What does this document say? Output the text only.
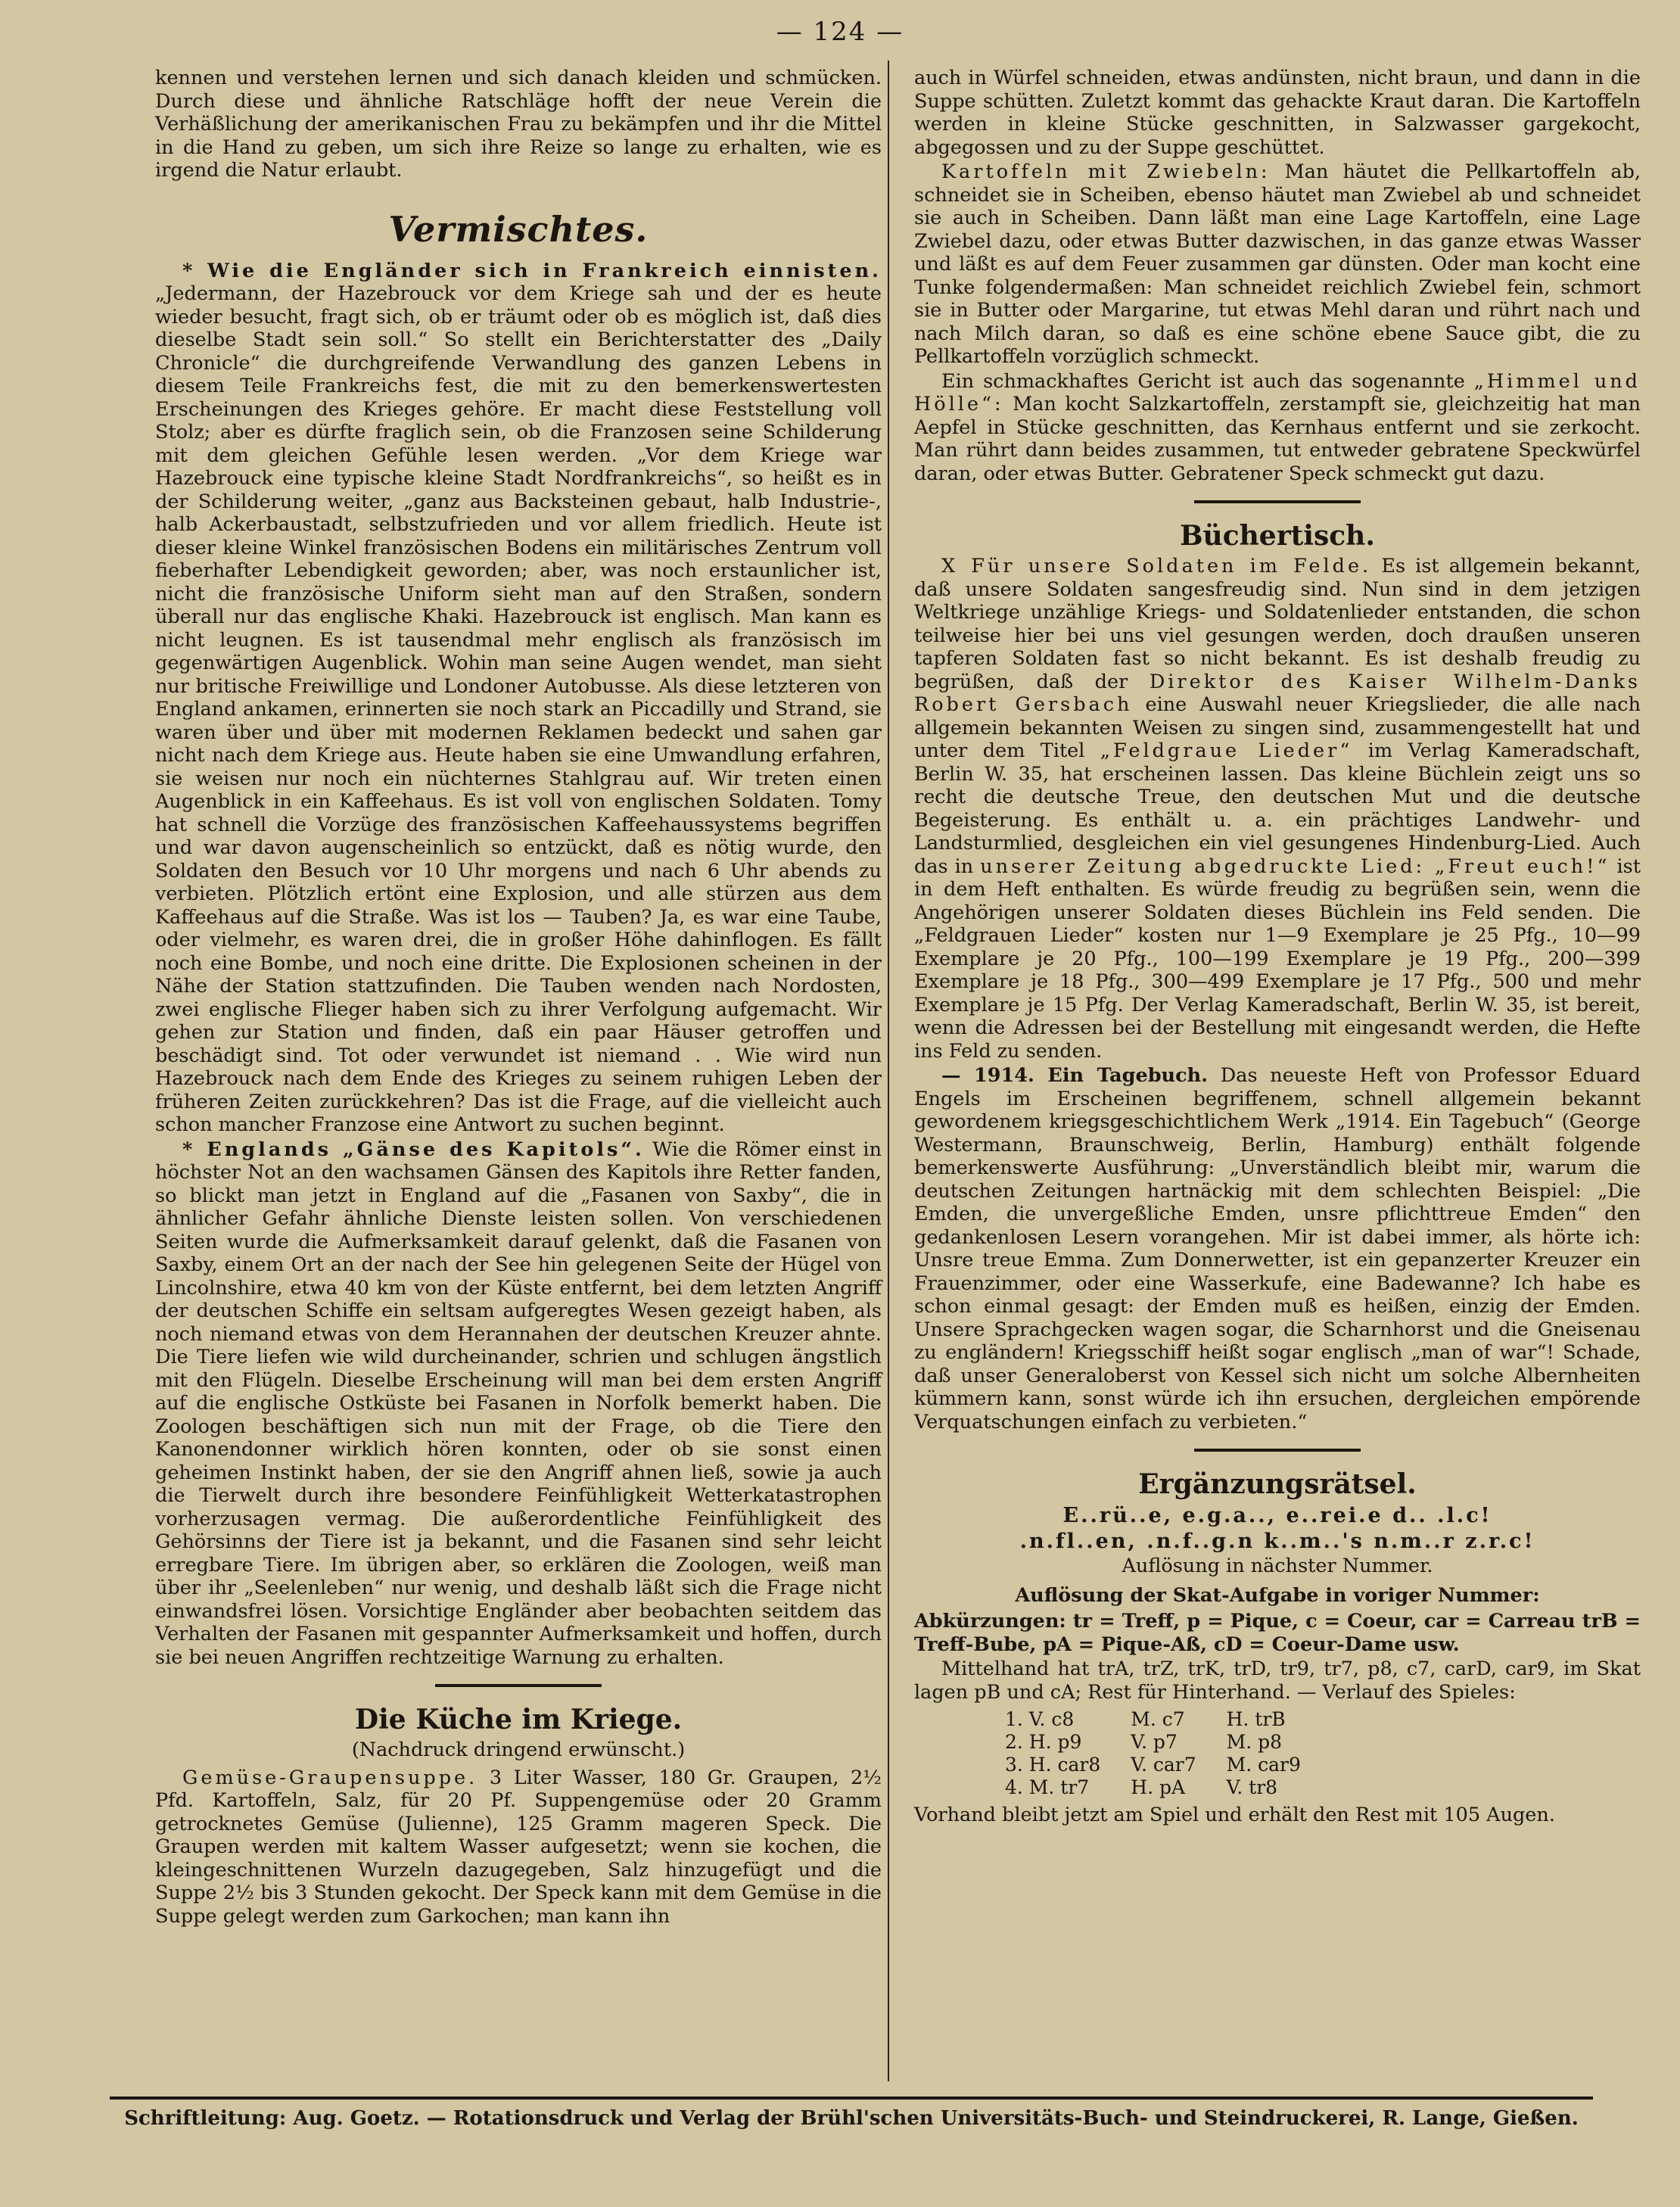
— 124 —

kennen und verstehen lernen und sich danach kleiden und schmücken. Durch diese und ähnliche Ratschläge hofft der neue Verein die Verhäßlichung der amerikanischen Frau zu bekämpfen und ihr die Mittel in die Hand zu geben, um sich ihre Reize so lange zu erhalten, wie es irgend die Natur erlaubt.

Vermischtes.

* Wie die Engländer sich in Frankreich einnisten. „Jedermann, der Hazebrouck vor dem Kriege sah und der es heute wieder besucht, fragt sich, ob er träumt oder ob es möglich ist, daß dies dieselbe Stadt sein soll.“ So stellt ein Berichterstatter des „Daily Chronicle“ die durchgreifende Verwandlung des ganzen Lebens in diesem Teile Frankreichs fest, die mit zu den bemerkenswertesten Erscheinungen des Krieges gehöre. Er macht diese Feststellung voll Stolz; aber es dürfte fraglich sein, ob die Franzosen seine Schilderung mit dem gleichen Gefühle lesen werden. „Vor dem Kriege war Hazebrouck eine typische kleine Stadt Nordfrankreichs“, so heißt es in der Schilderung weiter, „ganz aus Backsteinen gebaut, halb Industrie-, halb Ackerbaustadt, selbstzufrieden und vor allem friedlich. Heute ist dieser kleine Winkel französischen Bodens ein militärisches Zentrum voll fieberhafter Lebendigkeit geworden; aber, was noch erstaunlicher ist, nicht die französische Uniform sieht man auf den Straßen, sondern überall nur das englische Khaki. Hazebrouck ist englisch. Man kann es nicht leugnen. Es ist tausendmal mehr englisch als französisch im gegenwärtigen Augenblick. Wohin man seine Augen wendet, man sieht nur britische Freiwillige und Londoner Autobusse. Als diese letzteren von England ankamen, erinnerten sie noch stark an Piccadilly und Strand, sie waren über und über mit modernen Reklamen bedeckt und sahen gar nicht nach dem Kriege aus. Heute haben sie eine Umwandlung erfahren, sie weisen nur noch ein nüchternes Stahlgrau auf. Wir treten einen Augenblick in ein Kaffeehaus. Es ist voll von englischen Soldaten. Tomy hat schnell die Vorzüge des französischen Kaffeehaussystems begriffen und war davon augenscheinlich so entzückt, daß es nötig wurde, den Soldaten den Besuch vor 10 Uhr morgens und nach 6 Uhr abends zu verbieten. Plötzlich ertönt eine Explosion, und alle stürzen aus dem Kaffeehaus auf die Straße. Was ist los — Tauben? Ja, es war eine Taube, oder vielmehr, es waren drei, die in großer Höhe dahinflogen. Es fällt noch eine Bombe, und noch eine dritte. Die Explosionen scheinen in der Nähe der Station stattzufinden. Die Tauben wenden nach Nordosten, zwei englische Flieger haben sich zu ihrer Verfolgung aufgemacht. Wir gehen zur Station und finden, daß ein paar Häuser getroffen und beschädigt sind. Tot oder verwundet ist niemand . . Wie wird nun Hazebrouck nach dem Ende des Krieges zu seinem ruhigen Leben der früheren Zeiten zurückkehren? Das ist die Frage, auf die vielleicht auch schon mancher Franzose eine Antwort zu suchen beginnt.

* Englands „Gänse des Kapitols“. Wie die Römer einst in höchster Not an den wachsamen Gänsen des Kapitols ihre Retter fanden, so blickt man jetzt in England auf die „Fasanen von Saxby“, die in ähnlicher Gefahr ähnliche Dienste leisten sollen. Von verschiedenen Seiten wurde die Aufmerksamkeit darauf gelenkt, daß die Fasanen von Saxby, einem Ort an der nach der See hin gelegenen Seite der Hügel von Lincolnshire, etwa 40 km von der Küste entfernt, bei dem letzten Angriff der deutschen Schiffe ein seltsam aufgeregtes Wesen gezeigt haben, als noch niemand etwas von dem Herannahen der deutschen Kreuzer ahnte. Die Tiere liefen wie wild durcheinander, schrien und schlugen ängstlich mit den Flügeln. Dieselbe Erscheinung will man bei dem ersten Angriff auf die englische Ostküste bei Fasanen in Norfolk bemerkt haben. Die Zoologen beschäftigen sich nun mit der Frage, ob die Tiere den Kanonendonner wirklich hören konnten, oder ob sie sonst einen geheimen Instinkt haben, der sie den Angriff ahnen ließ, sowie ja auch die Tierwelt durch ihre besondere Feinfühligkeit Wetterkatastrophen vorherzusagen vermag. Die außerordentliche Feinfühligkeit des Gehörsinns der Tiere ist ja bekannt, und die Fasanen sind sehr leicht erregbare Tiere. Im übrigen aber, so erklären die Zoologen, weiß man über ihr „Seelenleben“ nur wenig, und deshalb läßt sich die Frage nicht einwandsfrei lösen. Vorsichtige Engländer aber beobachten seitdem das Verhalten der Fasanen mit gespannter Aufmerksamkeit und hoffen, durch sie bei neuen Angriffen rechtzeitige Warnung zu erhalten.

Die Küche im Kriege.
(Nachdruck dringend erwünscht.)

Gemüse-Graupensuppe. 3 Liter Wasser, 180 Gr. Graupen, 2½ Pfd. Kartoffeln, Salz, für 20 Pf. Suppengemüse oder 20 Gramm getrocknetes Gemüse (Julienne), 125 Gramm mageren Speck. Die Graupen werden mit kaltem Wasser aufgesetzt; wenn sie kochen, die kleingeschnittenen Wurzeln dazugegeben, Salz hinzugefügt und die Suppe 2½ bis 3 Stunden gekocht. Der Speck kann mit dem Gemüse in die Suppe gelegt werden zum Garkochen; man kann ihn

auch in Würfel schneiden, etwas andünsten, nicht braun, und dann in die Suppe schütten. Zuletzt kommt das gehackte Kraut daran. Die Kartoffeln werden in kleine Stücke geschnitten, in Salzwasser gargekocht, abgegossen und zu der Suppe geschüttet.

Kartoffeln mit Zwiebeln: Man häutet die Pellkartoffeln ab, schneidet sie in Scheiben, ebenso häutet man Zwiebel ab und schneidet sie auch in Scheiben. Dann läßt man eine Lage Kartoffeln, eine Lage Zwiebel dazu, oder etwas Butter dazwischen, in das ganze etwas Wasser und läßt es auf dem Feuer zusammen gar dünsten. Oder man kocht eine Tunke folgendermaßen: Man schneidet reichlich Zwiebel fein, schmort sie in Butter oder Margarine, tut etwas Mehl daran und rührt nach und nach Milch daran, so daß es eine schöne ebene Sauce gibt, die zu Pellkartoffeln vorzüglich schmeckt.

Ein schmackhaftes Gericht ist auch das sogenannte „Himmel und Hölle“: Man kocht Salzkartoffeln, zerstampft sie, gleichzeitig hat man Aepfel in Stücke geschnitten, das Kernhaus entfernt und sie zerkocht. Man rührt dann beides zusammen, tut entweder gebratene Speckwürfel daran, oder etwas Butter. Gebratener Speck schmeckt gut dazu.

Büchertisch.

X Für unsere Soldaten im Felde. Es ist allgemein bekannt, daß unsere Soldaten sangesfreudig sind. Nun sind in dem jetzigen Weltkriege unzählige Kriegs- und Soldatenlieder entstanden, die schon teilweise hier bei uns viel gesungen werden, doch draußen unseren tapferen Soldaten fast so nicht bekannt. Es ist deshalb freudig zu begrüßen, daß der Direktor des Kaiser Wilhelm-Danks Robert Gersbach eine Auswahl neuer Kriegslieder, die alle nach allgemein bekannten Weisen zu singen sind, zusammengestellt hat und unter dem Titel „Feldgraue Lieder“ im Verlag Kameradschaft, Berlin W. 35, hat erscheinen lassen. Das kleine Büchlein zeigt uns so recht die deutsche Treue, den deutschen Mut und die deutsche Begeisterung. Es enthält u. a. ein prächtiges Landwehr- und Landsturmlied, desgleichen ein viel gesungenes Hindenburg-Lied. Auch das in unserer Zeitung abgedruckte Lied: „Freut euch!“ ist in dem Heft enthalten. Es würde freudig zu begrüßen sein, wenn die Angehörigen unserer Soldaten dieses Büchlein ins Feld senden. Die „Feldgrauen Lieder“ kosten nur 1—9 Exemplare je 25 Pfg., 10—99 Exemplare je 20 Pfg., 100—199 Exemplare je 19 Pfg., 200—399 Exemplare je 18 Pfg., 300—499 Exemplare je 17 Pfg., 500 und mehr Exemplare je 15 Pfg. Der Verlag Kameradschaft, Berlin W. 35, ist bereit, wenn die Adressen bei der Bestellung mit eingesandt werden, die Hefte ins Feld zu senden.

— 1914. Ein Tagebuch. Das neueste Heft von Professor Eduard Engels im Erscheinen begriffenem, schnell allgemein bekannt gewordenem kriegsgeschichtlichem Werk „1914. Ein Tagebuch“ (George Westermann, Braunschweig, Berlin, Hamburg) enthält folgende bemerkenswerte Ausführung: „Unverständlich bleibt mir, warum die deutschen Zeitungen hartnäckig mit dem schlechten Beispiel: „Die Emden, die unvergeßliche Emden, unsre pflichttreue Emden“ den gedankenlosen Lesern vorangehen. Mir ist dabei immer, als hörte ich: Unsre treue Emma. Zum Donnerwetter, ist ein gepanzerter Kreuzer ein Frauenzimmer, oder eine Wasserkufe, eine Badewanne? Ich habe es schon einmal gesagt: der Emden muß es heißen, einzig der Emden. Unsere Sprachgecken wagen sogar, die Scharnhorst und die Gneisenau zu engländern! Kriegsschiff heißt sogar englisch „man of war“! Schade, daß unser Generaloberst von Kessel sich nicht um solche Albernheiten kümmern kann, sonst würde ich ihn ersuchen, dergleichen empörende Verquatschungen einfach zu verbieten.“

Ergänzungsrätsel.
E..rü..e, e.g.a.., e..rei.e d.. .l.c!
.n.fl..en, .n.f..g.n k..m..'s n.m..r z.r.c!
Auflösung in nächster Nummer.
Auflösung der Skat-Aufgabe in voriger Nummer:

Abkürzungen: tr = Treff, p = Pique, c = Coeur, car = Carreau trB = Treff-Bube, pA = Pique-Aß, cD = Coeur-Dame usw.

Mittelhand hat trA, trZ, trK, trD, tr9, tr7, p8, c7, carD, car9, im Skat lagen pB und cA; Rest für Hinterhand. — Verlauf des Spieles:

1. V. c8	M. c7	H. trB
2. H. p9	V. p7	M. p8
3. H. car8	V. car7	M. car9
4. M. tr7	H. pA	V. tr8

Vorhand bleibt jetzt am Spiel und erhält den Rest mit 105 Augen.

Schriftleitung: Aug. Goetz. — Rotationsdruck und Verlag der Brühl'schen Universitäts-Buch- und Steindruckerei, R. Lange, Gießen.
